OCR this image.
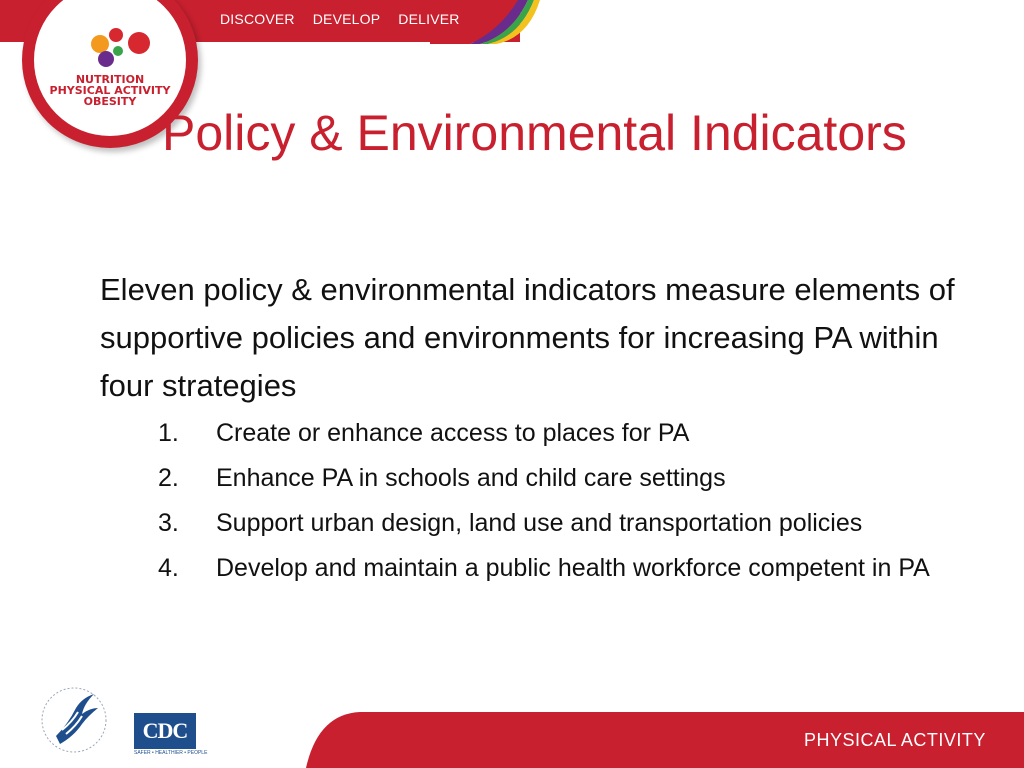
DISCOVER DEVELOP DELIVER
NUTRITION
PHYSICAL ACTIVITY
OBESITY
Policy & Environmental Indicators
Eleven policy & environmental indicators measure elements of supportive policies and environments for increasing PA within four strategies
1.	Create or enhance access to places for PA
2.	Enhance PA in schools and child care settings
3.	Support urban design, land use and transportation policies
4.	Develop and maintain a public health workforce competent in PA
PHYSICAL ACTIVITY
CDC
SAFER • HEALTHIER • PEOPLE
